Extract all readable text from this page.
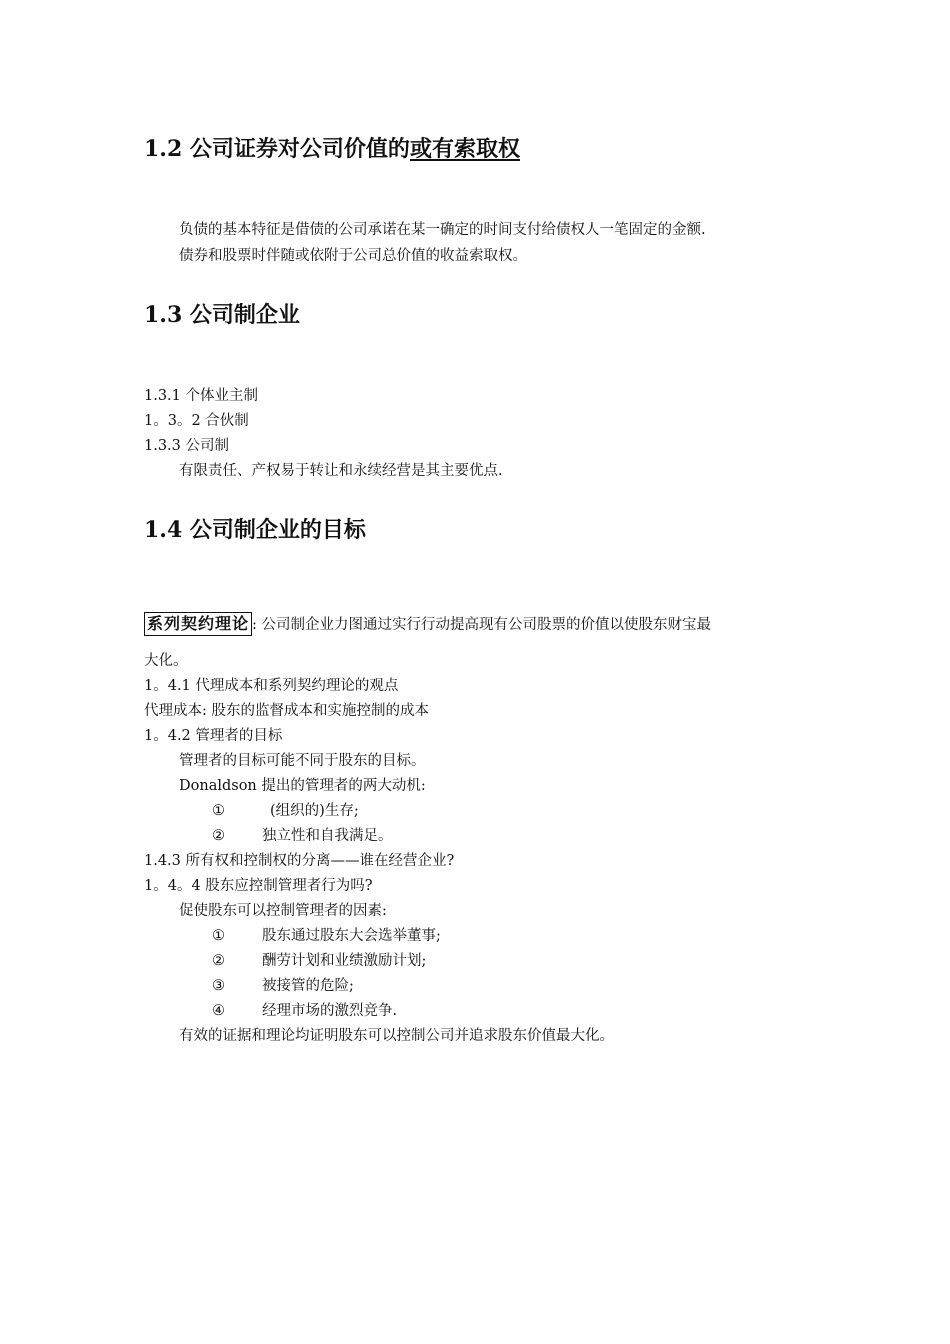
1.2 公司证券对公司价值的或有索取权

负债的基本特征是借债的公司承诺在某一确定的时间支付给债权人一笔固定的金额.

债券和股票时伴随或依附于公司总价值的收益索取权。

1.3 公司制企业

1.3.1 个体业主制

1。3。2 合伙制

1.3.3 公司制

有限责任、产权易于转让和永续经营是其主要优点.

1.4 公司制企业的目标

系列契约理论 : 公司制企业力图通过实行行动提高现有公司股票的价值以使股东财宝最

大化。

1。4.1 代理成本和系列契约理论的观点

代理成本: 股东的监督成本和实施控制的成本

1。4.2 管理者的目标

管理者的目标可能不同于股东的目标。

Donaldson 提出的管理者的两大动机:

①	(组织的)生存;

②	独立性和自我满足。

1.4.3 所有权和控制权的分离——谁在经营企业?

1。4。4 股东应控制管理者行为吗?

促使股东可以控制管理者的因素:

①	股东通过股东大会选举董事;

②	酬劳计划和业绩激励计划;

③	被接管的危险;

④	经理市场的激烈竞争.

有效的证据和理论均证明股东可以控制公司并追求股东价值最大化。
